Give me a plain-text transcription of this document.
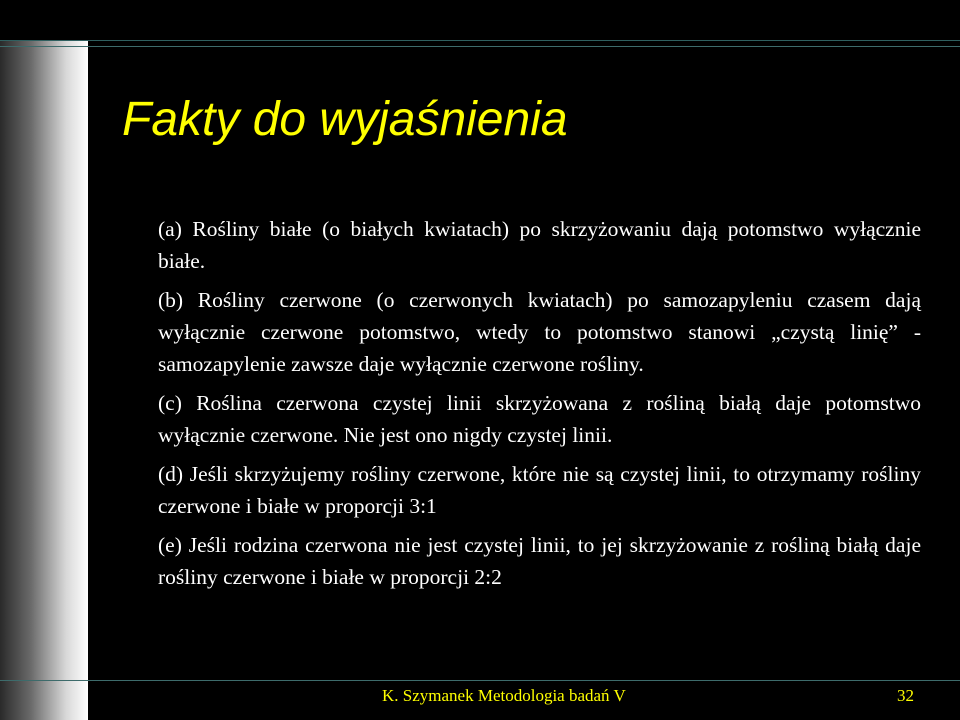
Fakty do wyjaśnienia

(a) Rośliny białe (o białych kwiatach) po skrzyżowaniu dają potomstwo wyłącznie białe.

(b) Rośliny czerwone (o czerwonych kwiatach) po samozapyleniu czasem dają wyłącznie czerwone potomstwo, wtedy to potomstwo stanowi „czystą linię” - samozapylenie zawsze daje wyłącznie czerwone rośliny.

(c) Roślina czerwona czystej linii skrzyżowana z rośliną białą daje potomstwo wyłącznie czerwone. Nie jest ono nigdy czystej linii.

(d) Jeśli skrzyżujemy rośliny czerwone, które nie są czystej linii, to otrzymamy rośliny czerwone i białe w proporcji 3:1

(e) Jeśli rodzina czerwona nie jest czystej linii, to jej skrzyżowanie z rośliną białą daje rośliny czerwone i białe w proporcji 2:2

K. Szymanek Metodologia badań V	32
